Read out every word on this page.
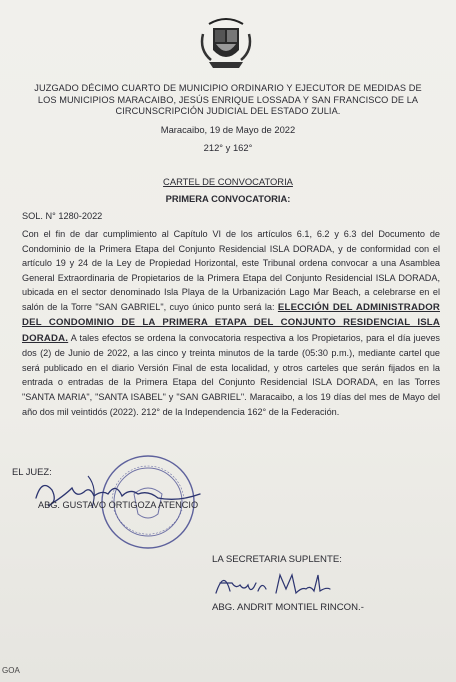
JUZGADO DÉCIMO CUARTO DE MUNICIPIO ORDINARIO Y EJECUTOR DE MEDIDAS DE
LOS MUNICIPIOS MARACAIBO, JESÚS ENRIQUE LOSSADA Y SAN FRANCISCO DE LA
CIRCUNSCRIPCIÓN JUDICIAL DEL ESTADO ZULIA.
Maracaibo, 19 de Mayo de 2022
212° y 162°
CARTEL DE CONVOCATORIA
PRIMERA CONVOCATORIA:
SOL. N° 1280-2022
Con el fin de dar cumplimiento al Capítulo VI de los artículos 6.1, 6.2 y 6.3 del Documento de Condominio de la Primera Etapa del Conjunto Residencial ISLA DORADA, y de conformidad con el artículo 19 y 24 de la Ley de Propiedad Horizontal, este Tribunal ordena convocar a una Asamblea General Extraordinaria de Propietarios de la Primera Etapa del Conjunto Residencial ISLA DORADA, ubicada en el sector denominado Isla Playa de la Urbanización Lago Mar Beach, a celebrarse en el salón de la Torre "SAN GABRIEL", cuyo único punto será la: ELECCIÓN DEL ADMINISTRADOR DEL CONDOMINIO DE LA PRIMERA ETAPA DEL CONJUNTO RESIDENCIAL ISLA DORADA. A tales efectos se ordena la convocatoria respectiva a los Propietarios, para el día jueves dos (2) de Junio de 2022, a las cinco y treinta minutos de la tarde (05:30 p.m.), mediante cartel que será publicado en el diario Versión Final de esta localidad, y otros carteles que serán fijados en la entrada o entradas de la Primera Etapa del Conjunto Residencial ISLA DORADA, en las Torres "SANTA MARIA", "SANTA ISABEL" y "SAN GABRIEL". Maracaibo, a los 19 días del mes de Mayo del año dos mil veintidós (2022). 212° de la Independencia 162° de la Federación.
EL JUEZ:
ABG. GUSTAVO ORTIGOZA ATENCIO
LA SECRETARIA SUPLENTE:
ABG. ANDRIT MONTIEL RINCON.-
GOA
